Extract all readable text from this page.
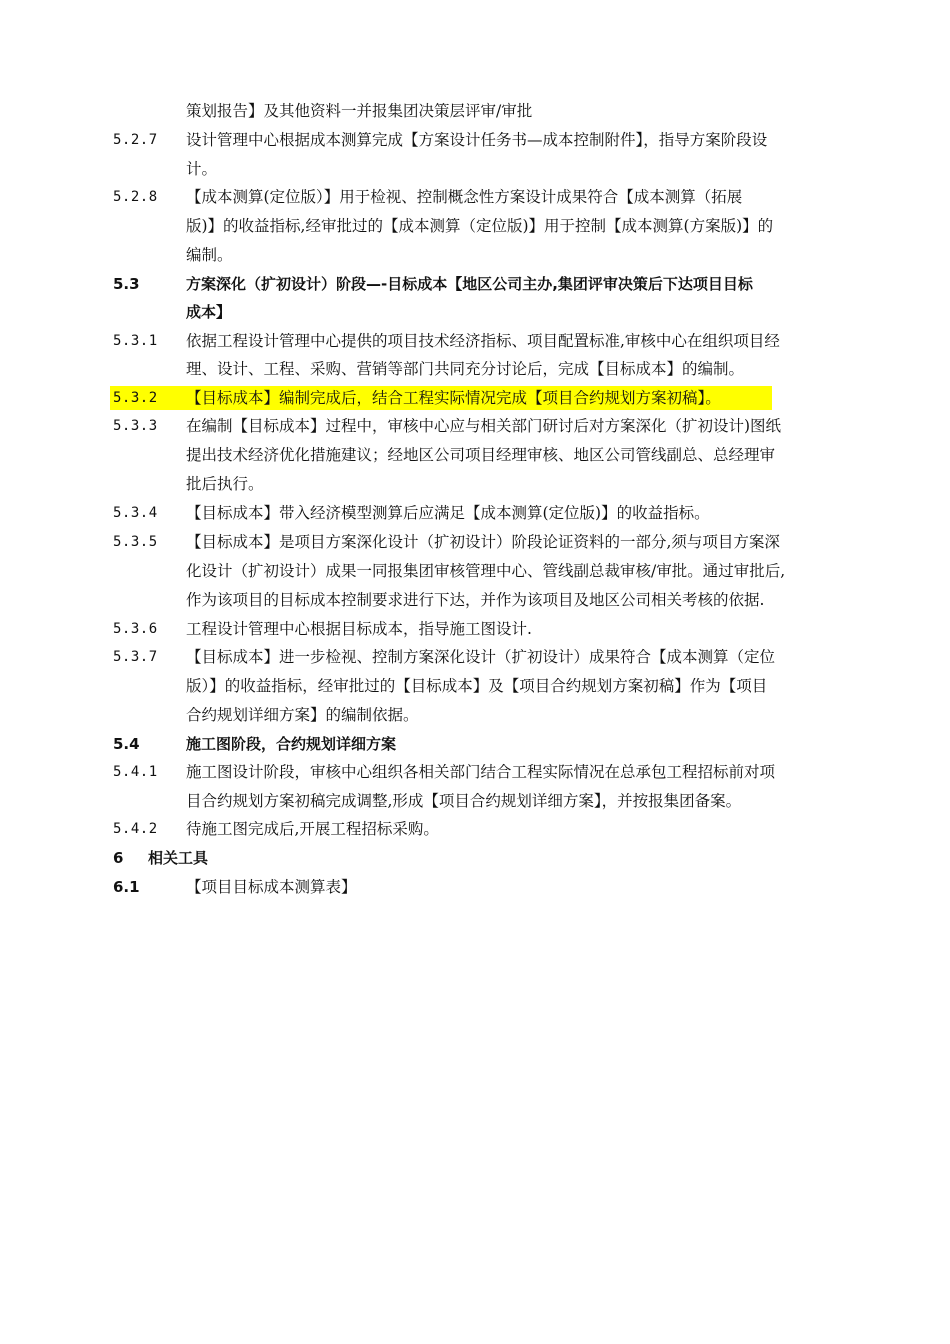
策划报告】及其他资料一并报集团决策层评审/审批
5.2.7 设计管理中心根据成本测算完成【方案设计任务书—成本控制附件】，指导方案阶段设
计。
5.2.8 【成本测算(定位版）】用于检视、控制概念性方案设计成果符合【成本测算（拓展
版)】的收益指标,经审批过的【成本测算（定位版)】用于控制【成本测算(方案版)】的
编制。
5.3	方案深化（扩初设计）阶段—-目标成本【地区公司主办,集团评审决策后下达项目目标
成本】
5.3.1 依据工程设计管理中心提供的项目技术经济指标、项目配置标准,审核中心在组织项目经
理、设计、工程、采购、营销等部门共同充分讨论后，完成【目标成本】的编制。
5.3.2 【目标成本】编制完成后，结合工程实际情况完成【项目合约规划方案初稿】。
5.3.3 在编制【目标成本】过程中，审核中心应与相关部门研讨后对方案深化（扩初设计)图纸
提出技术经济优化措施建议；经地区公司项目经理审核、地区公司管线副总、总经理审
批后执行。
5.3.4 【目标成本】带入经济模型测算后应满足【成本测算(定位版)】的收益指标。
5.3.5 【目标成本】是项目方案深化设计（扩初设计）阶段论证资料的一部分,须与项目方案深
化设计（扩初设计）成果一同报集团审核管理中心、管线副总裁审核/审批。通过审批后,
作为该项目的目标成本控制要求进行下达，并作为该项目及地区公司相关考核的依据.
5.3.6 工程设计管理中心根据目标成本，指导施工图设计.
5.3.7 【目标成本】进一步检视、控制方案深化设计（扩初设计）成果符合【成本测算（定位
版）】的收益指标，经审批过的【目标成本】及【项目合约规划方案初稿】作为【项目
合约规划详细方案】的编制依据。
5.4	施工图阶段，合约规划详细方案
5.4.1 施工图设计阶段，审核中心组织各相关部门结合工程实际情况在总承包工程招标前对项
目合约规划方案初稿完成调整,形成【项目合约规划详细方案】，并按报集团备案。
5.4.2 待施工图完成后,开展工程招标采购。
6 相关工具
6.1	【项目目标成本测算表】
